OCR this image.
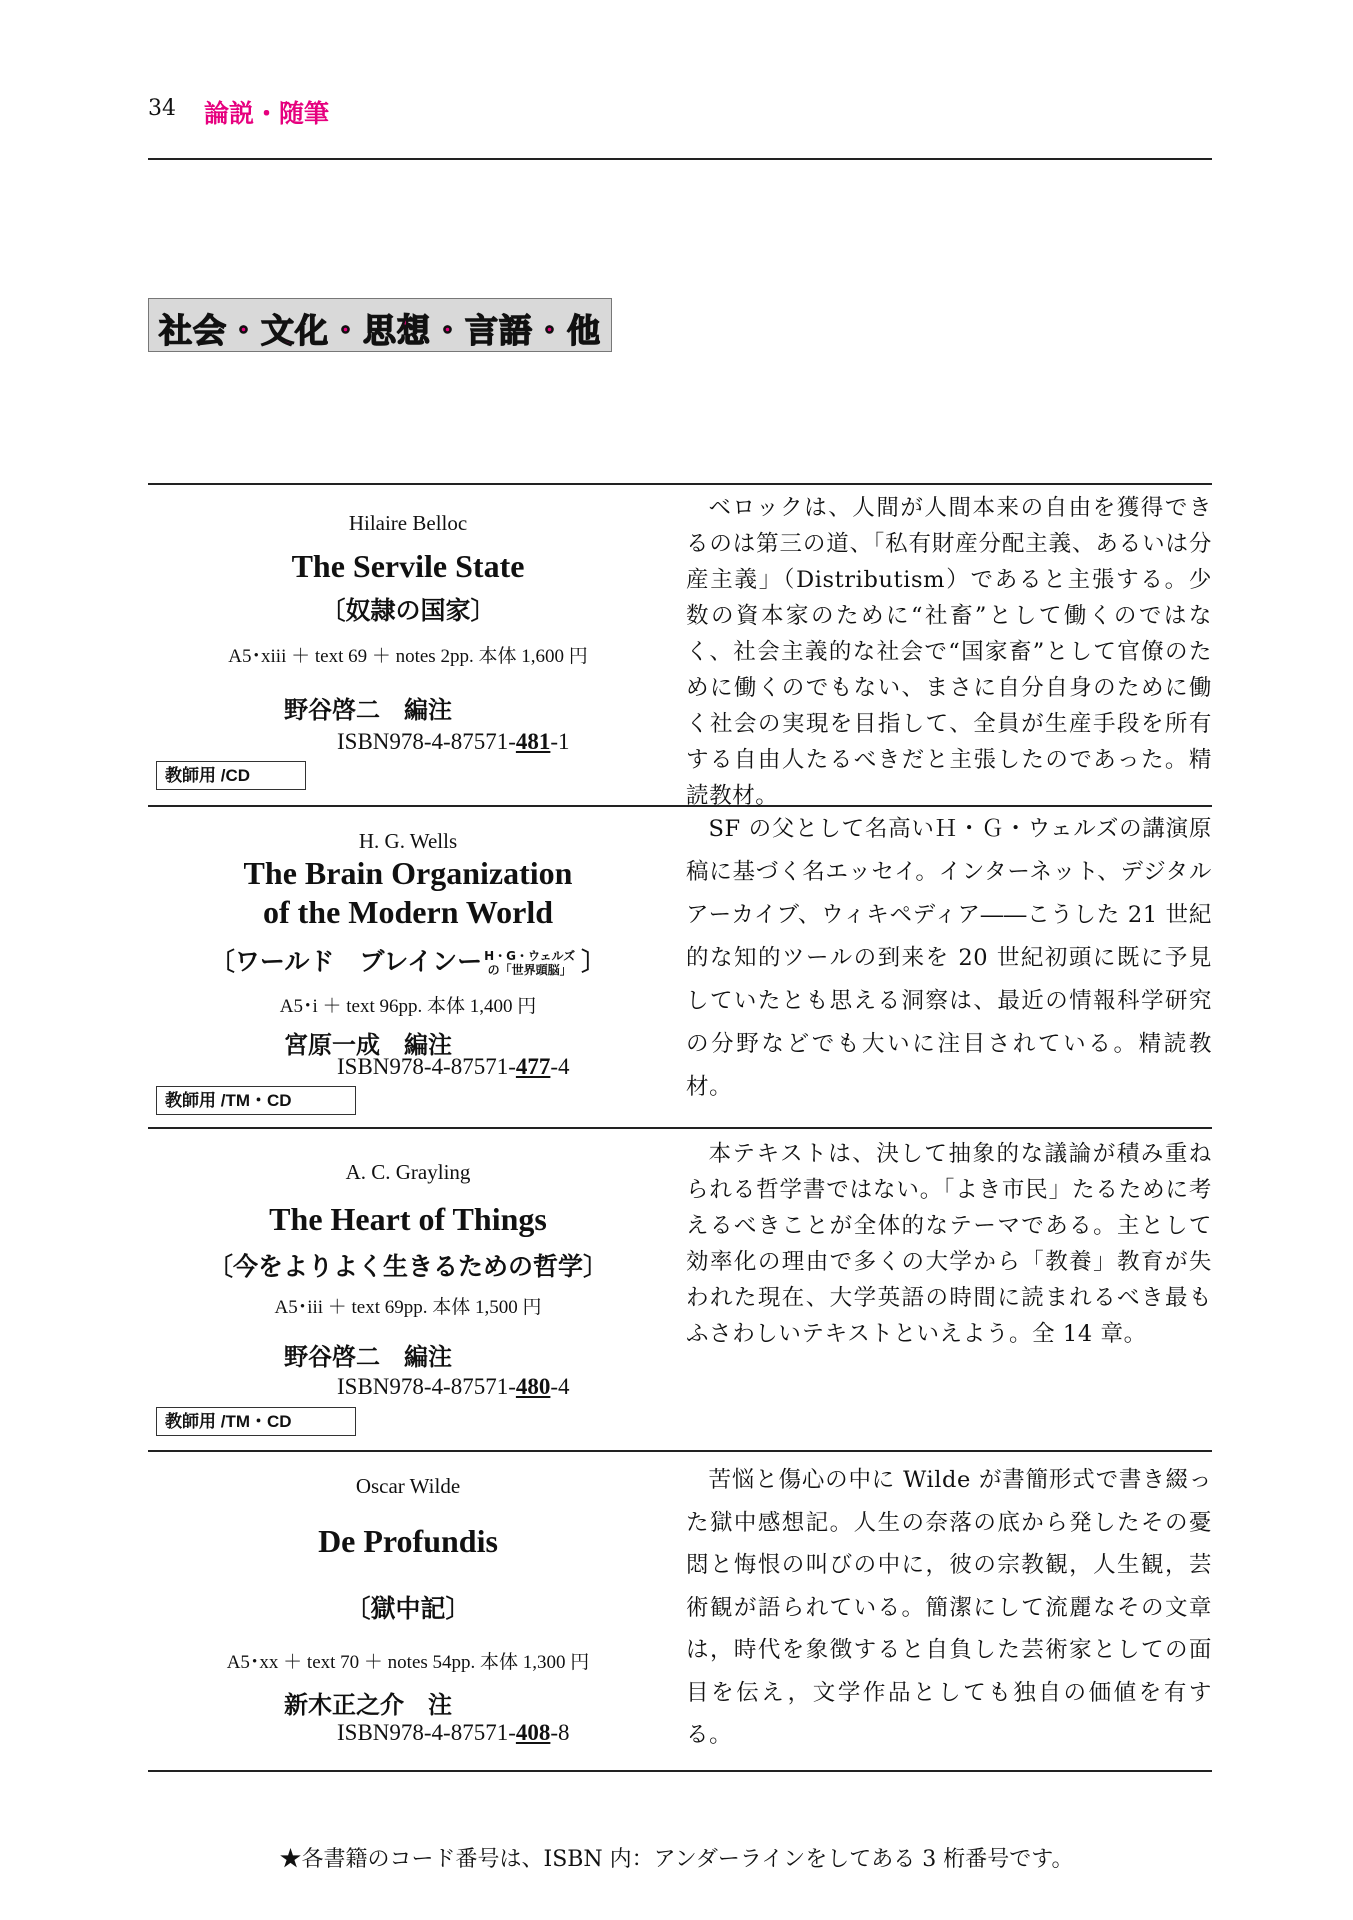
34 論説・随筆
社会・文化・思想・言語・他
Hilaire Belloc
The Servile State
〔奴隷の国家〕
A5･xiii ＋ text 69 ＋ notes 2pp. 本体 1,600 円
野谷啓二　編注
ISBN978-4-87571-481-1
教師用 /CD

ベロックは、人間が人間本来の自由を獲得できるのは第三の道、「私有財産分配主義、あるいは分産主義」（Distributism）であると主張する。少数の資本家のために“社畜”として働くのではなく、社会主義的な社会で“国家畜”として官僚のために働くのでもない、まさに自分自身のために働く社会の実現を目指して、全員が生産手段を所有する自由人たるべきだと主張したのであった。精読教材。

H. G. Wells
The Brain Organization
of the Modern World
〔ワールド　ブレインー H・G・ウェルズ
の「世界頭脳」 〕
A5･i ＋ text 96pp. 本体 1,400 円
宮原一成　編注
ISBN978-4-87571-477-4
教師用 /TM・CD

SF の父として名高いＨ・Ｇ・ウェルズの講演原稿に基づく名エッセイ。インターネット、デジタルアーカイブ、ウィキペディア――こうした 21 世紀的な知的ツールの到来を 20 世紀初頭に既に予見していたとも思える洞察は、最近の情報科学研究の分野などでも大いに注目されている。精読教材。

A. C. Grayling
The Heart of Things
〔今をよりよく生きるための哲学〕
A5･iii ＋ text 69pp. 本体 1,500 円
野谷啓二　編注
ISBN978-4-87571-480-4
教師用 /TM・CD

本テキストは、決して抽象的な議論が積み重ねられる哲学書ではない。「よき市民」たるために考えるべきことが全体的なテーマである。主として効率化の理由で多くの大学から「教養」教育が失われた現在、大学英語の時間に読まれるべき最もふさわしいテキストといえよう。全 14 章。

Oscar Wilde
De Profundis
〔獄中記〕
A5･xx ＋ text 70 ＋ notes 54pp. 本体 1,300 円
新木正之介　注
ISBN978-4-87571-408-8

苦悩と傷心の中に Wilde が書簡形式で書き綴った獄中感想記。人生の奈落の底から発したその憂悶と悔恨の叫びの中に，彼の宗教観，人生観，芸術観が語られている。簡潔にして流麗なその文章は，時代を象徴すると自負した芸術家としての面目を伝え，文学作品としても独自の価値を有する。

★各書籍のコード番号は、ISBN 内：アンダーラインをしてある 3 桁番号です。
